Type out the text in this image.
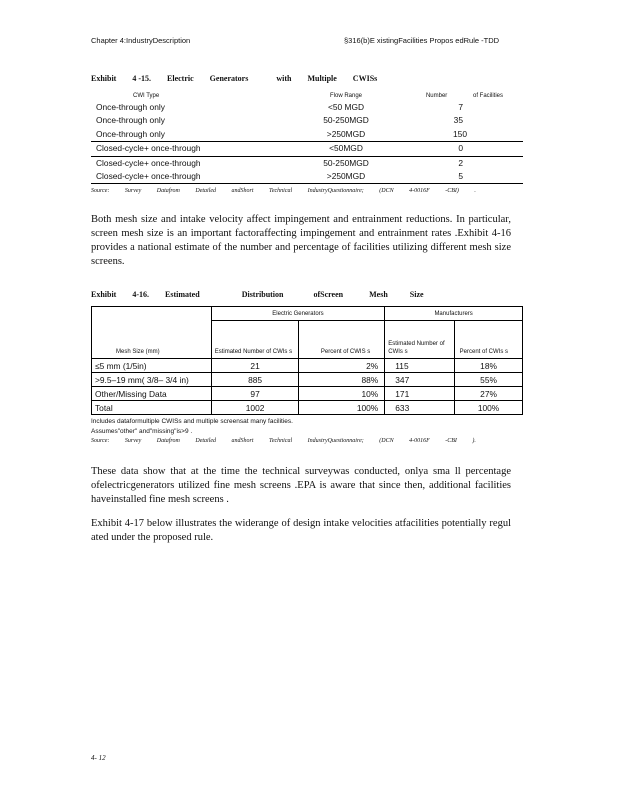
Chapter 4:IndustryDescription	§316(b)E xistingFacilities Propos edRule -TDD
Exhibit 4 -15. Electric Generators	with Multiple CWISs
CWI Type	Flow Range	Number of Facilities
Once-through only	<50 MGD	7
Once-through only	50-250MGD	35
Once-through only	>250MGD	150
Closed-cycle+ once-through	<50MGD	0
Closed-cycle+ once-through	50-250MGD	2
Closed-cycle+ once-through	>250MGD	5
Source: Survey Datafrom Detailed andShort Technical IndustryQuestionnaire; (DCN 4-0016F -CBI) .
Both mesh size and intake velocity affect impingement and entrainment reductions. In particular, screen mesh size is an important factoraffecting impingement and entrainment rates .Exhibit 4-16 provides a national estimate of the number and percentage of facilities utilizing different mesh size screens.
Exhibit 4-16. Estimated	Distribution	ofScreen	Mesh	Size
	Electric Generators		Manufacturers	
Mesh Size (mm)	Estimated Number of CWIs s	Percent of CWIS s	Estimated Number of CWIs s	Percent of CWIs s
≤5 mm (1/5in)	21	2%	115	18%
>9.5–19 mm( 3/8– 3/4 in)	885	88%	347	55%
Other/Missing Data	97	10%	171	27%
Total	1002	100%	633	100%
Includes dataformultiple CWISs and multiple screensat many facilities.
Assumes"other" and"missing"is>9 .
Source: Survey Datafrom Detailed andShort Technical IndustryQuestionnaire; (DCN 4-0016F -CBI ).
These data show that at the time the technical surveywas conducted, onlya sma ll percentage ofelectricgenerators utilized fine mesh screens .EPA is aware that since then, additional facilities haveinstalled fine mesh screens .
Exhibit 4-17 below illustrates the widerange of design intake velocities atfacilities potentially regul ated under the proposed rule.
4- 12
